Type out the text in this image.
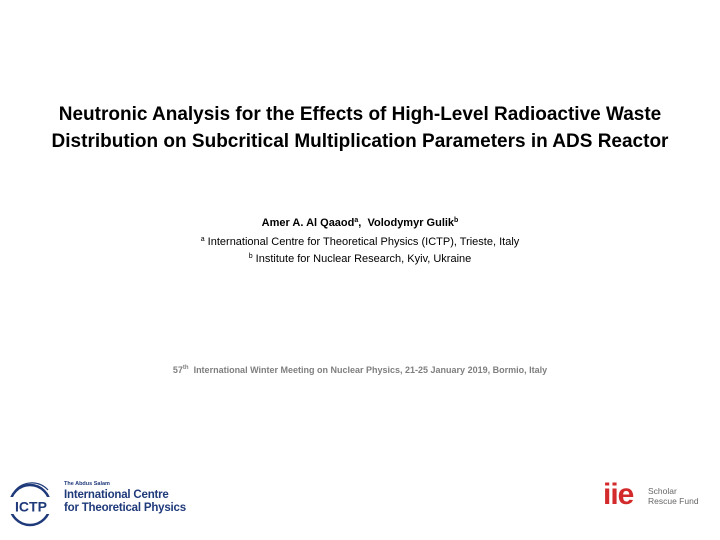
Neutronic Analysis for the Effects of High-Level Radioactive Waste
Distribution on Subcritical Multiplication Parameters in ADS Reactor
Amer A. Al Qaaod$^a$,  Volodymyr Gulik$^b$
$^a$ International Centre for Theoretical Physics (ICTP), Trieste, Italy
$^b$ Institute for Nuclear Research, Kyiv, Ukraine
57th  International Winter Meeting on Nuclear Physics, 21-25 January 2019, Bormio, Italy
ICTP
The Abdus Salam
International Centre
for Theoretical Physics	iie Scholar
Rescue Fund
